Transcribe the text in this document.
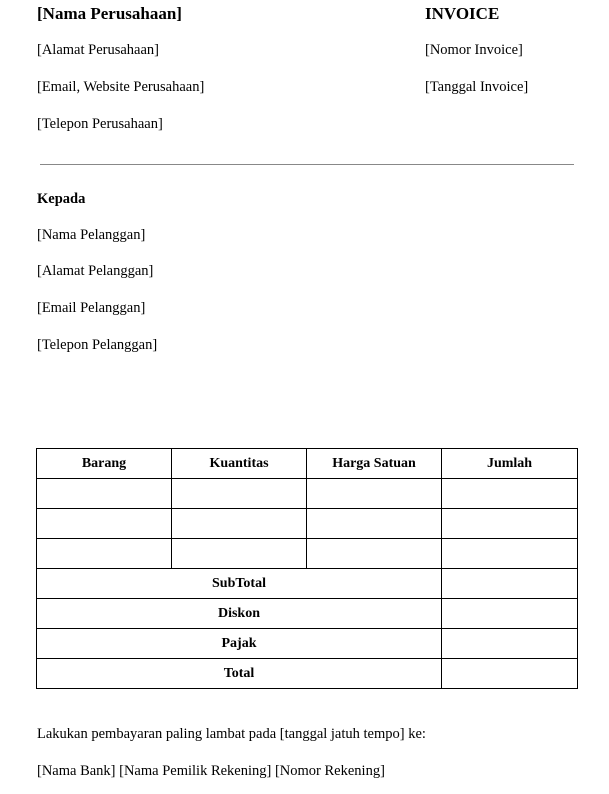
[Nama Perusahaan]
[Alamat Perusahaan]
[Email, Website Perusahaan]
[Telepon Perusahaan]
INVOICE
[Nomor Invoice]
[Tanggal Invoice]
Kepada
[Nama Pelanggan]
[Alamat Pelanggan]
[Email Pelanggan]
[Telepon Pelanggan]
Barang	Kuantitas	Harga Satuan	Jumlah

SubTotal			
Diskon			
Pajak			
Total			
Lakukan pembayaran paling lambat pada [tanggal jatuh tempo] ke:
[Nama Bank] [Nama Pemilik Rekening] [Nomor Rekening]
